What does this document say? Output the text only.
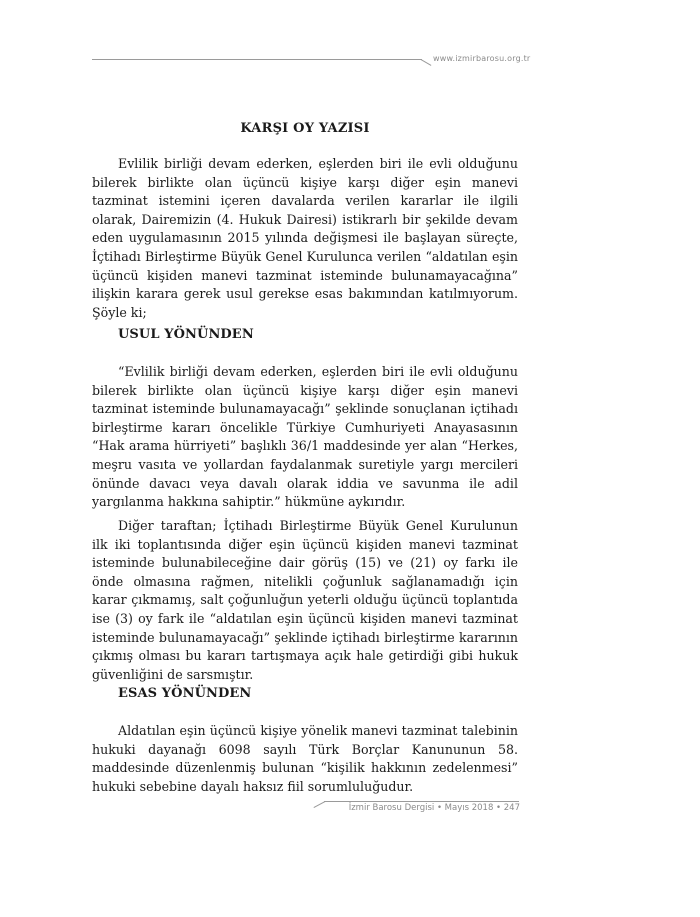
www.izmirbarosu.org.tr
KARŞI OY YAZISI

Evlilik birliği devam ederken, eşlerden biri ile evli olduğunu bilerek birlikte olan üçüncü kişiye karşı diğer eşin manevi tazminat istemini içeren davalarda verilen kararlar ile ilgili olarak, Dairemizin (4. Hukuk Dairesi) istikrarlı bir şekilde devam eden uygulamasının 2015 yılında değişmesi ile başlayan süreçte, İçtihadı Birleştirme Büyük Genel Kurulunca verilen “aldatılan eşin üçüncü kişiden manevi tazminat isteminde bulunamayacağına” ilişkin karara gerek usul gerekse esas bakımından katılmıyorum. Şöyle ki;

USUL YÖNÜNDEN

“Evlilik birliği devam ederken, eşlerden biri ile evli olduğunu bilerek birlikte olan üçüncü kişiye karşı diğer eşin manevi tazminat isteminde bulunamayacağı” şeklinde sonuçlanan içtihadı birleştirme kararı öncelikle Türkiye Cumhuriyeti Anayasasının “Hak arama hürriyeti” başlıklı 36/1 maddesinde yer alan “Herkes, meşru vasıta ve yollardan faydalanmak suretiyle yargı mercileri önünde davacı veya davalı olarak iddia ve savunma ile adil yargılanma hakkına sahiptir.” hükmüne aykırıdır.

Diğer taraftan; İçtihadı Birleştirme Büyük Genel Kurulunun ilk iki toplantısında diğer eşin üçüncü kişiden manevi tazminat isteminde bulunabileceğine dair görüş (15) ve (21) oy farkı ile önde olmasına rağmen, nitelikli çoğunluk sağlanamadığı için karar çıkmamış, salt çoğunluğun yeterli olduğu üçüncü toplantıda ise (3) oy fark ile “aldatılan eşin üçüncü kişiden manevi tazminat isteminde bulunamayacağı” şeklinde içtihadı birleştirme kararının çıkmış olması bu kararı tartışmaya açık hale getirdiği gibi hukuk güvenliğini de sarsmıştır.

ESAS YÖNÜNDEN

Aldatılan eşin üçüncü kişiye yönelik manevi tazminat talebinin hukuki dayanağı 6098 sayılı Türk Borçlar Kanununun 58. maddesinde düzenlenmiş bulunan “kişilik hakkının zedelenmesi” hukuki sebebine dayalı haksız fiil sorumluluğudur.

İzmir Barosu Dergisi • Mayıs 2018 • 247
